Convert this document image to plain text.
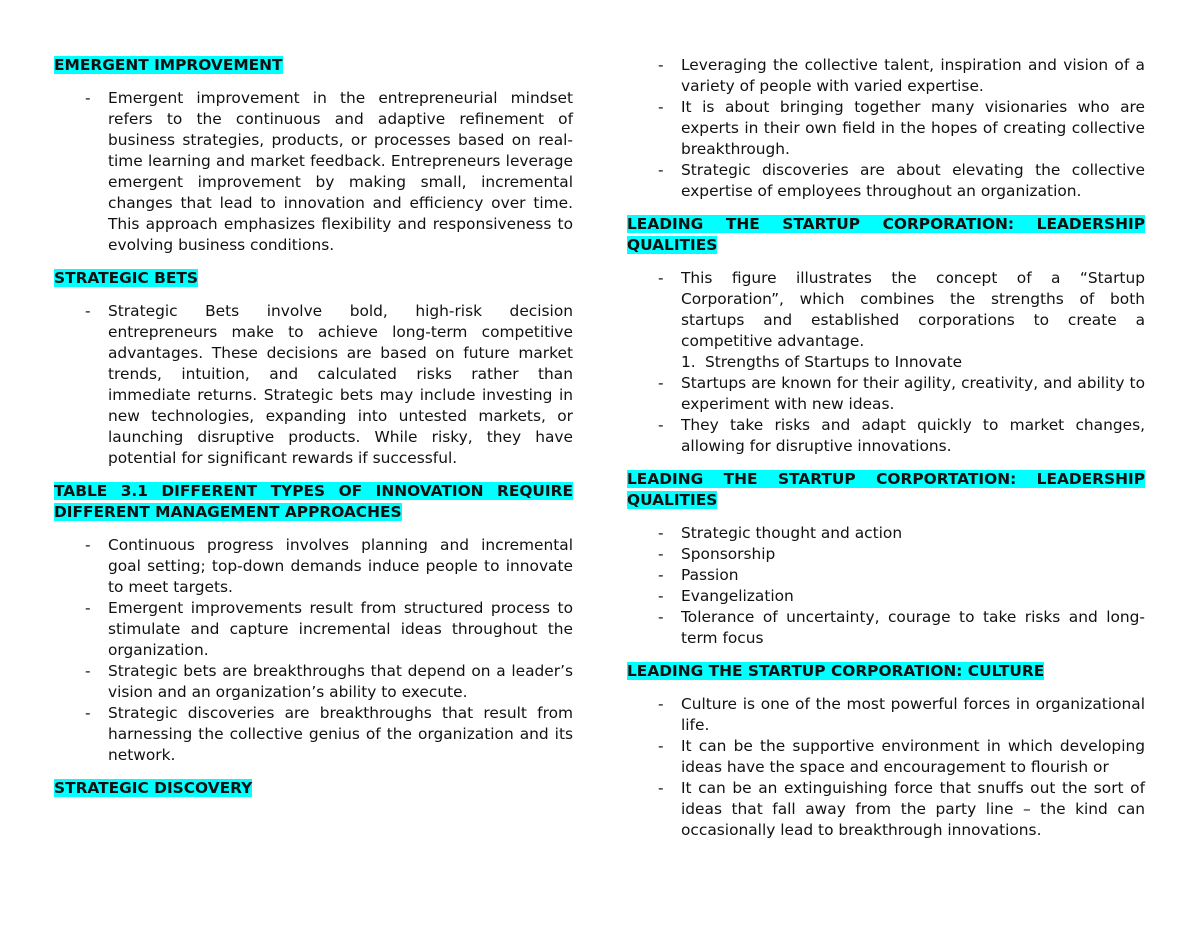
EMERGENT IMPROVEMENT

- Emergent improvement in the entrepreneurial mindset refers to the continuous and adaptive refinement of business strategies, products, or processes based on real-time learning and market feedback. Entrepreneurs leverage emergent improvement by making small, incremental changes that lead to innovation and efficiency over time. This approach emphasizes flexibility and responsiveness to evolving business conditions.

STRATEGIC BETS

- Strategic Bets involve bold, high-risk decision entrepreneurs make to achieve long-term competitive advantages. These decisions are based on future market trends, intuition, and calculated risks rather than immediate returns. Strategic bets may include investing in new technologies, expanding into untested markets, or launching disruptive products. While risky, they have potential for significant rewards if successful.

TABLE 3.1 DIFFERENT TYPES OF INNOVATION REQUIRE DIFFERENT MANAGEMENT APPROACHES

- Continuous progress involves planning and incremental goal setting; top-down demands induce people to innovate to meet targets.
- Emergent improvements result from structured process to stimulate and capture incremental ideas throughout the organization.
- Strategic bets are breakthroughs that depend on a leader’s vision and an organization’s ability to execute.
- Strategic discoveries are breakthroughs that result from harnessing the collective genius of the organization and its network.

STRATEGIC DISCOVERY

- Leveraging the collective talent, inspiration and vision of a variety of people with varied expertise.
- It is about bringing together many visionaries who are experts in their own field in the hopes of creating collective breakthrough.
- Strategic discoveries are about elevating the collective expertise of employees throughout an organization.

LEADING THE STARTUP CORPORATION: LEADERSHIP QUALITIES

- This figure illustrates the concept of a “Startup Corporation”, which combines the strengths of both startups and established corporations to create a competitive advantage.
1. Strengths of Startups to Innovate
- Startups are known for their agility, creativity, and ability to experiment with new ideas.
- They take risks and adapt quickly to market changes, allowing for disruptive innovations.

LEADING THE STARTUP CORPORTATION: LEADERSHIP QUALITIES

- Strategic thought and action
- Sponsorship
- Passion
- Evangelization
- Tolerance of uncertainty, courage to take risks and long-term focus

LEADING THE STARTUP CORPORATION: CULTURE

- Culture is one of the most powerful forces in organizational life.
- It can be the supportive environment in which developing ideas have the space and encouragement to flourish or
- It can be an extinguishing force that snuffs out the sort of ideas that fall away from the party line – the kind can occasionally lead to breakthrough innovations.
